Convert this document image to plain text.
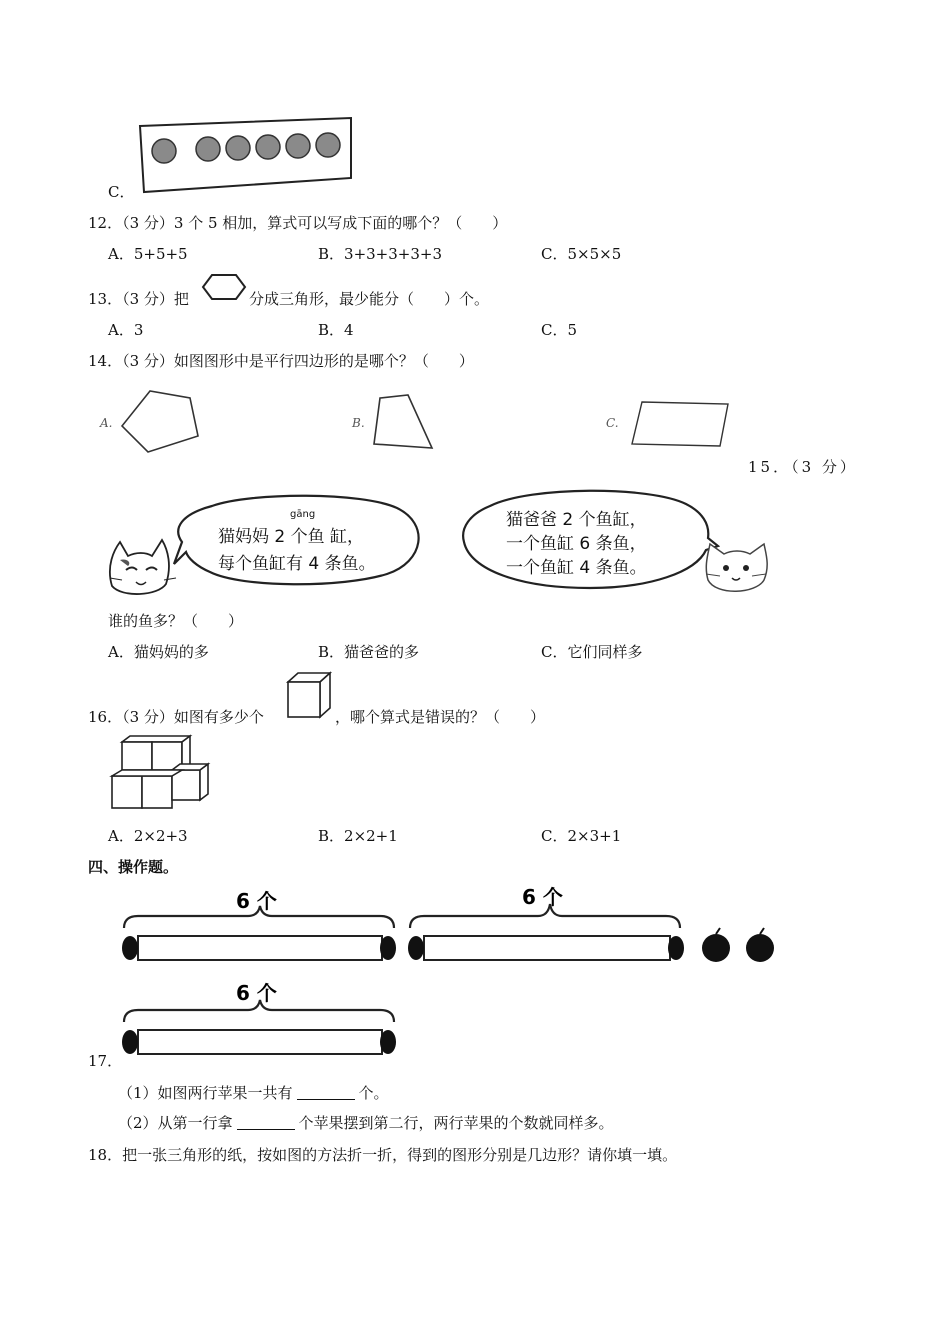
C．
12．（3 分）3 个 5 相加，算式可以写成下面的哪个？（　　）
A．5+5+5	B．3+3+3+3+3	C．5×5×5
13．（3 分）把	分成三角形，最少能分（　　）个。
A．3	B．4	C．5
14．（3 分）如图图形中是平行四边形的是哪个？（　　）
A.	B.	C.
15．（3 分）
gāng
猫妈妈 2 个鱼 缸，
每个鱼缸有 4 条鱼。
猫爸爸 2 个鱼缸，
一个鱼缸 6 条鱼，
一个鱼缸 4 条鱼。
谁的鱼多？（　　）
A．猫妈妈的多	B．猫爸爸的多	C．它们同样多
16．（3 分）如图有多少个	，哪个算式是错误的？（　　）
A．2×2+3	B．2×2+1	C．2×3+1
四、操作题。
6 个	6 个
6 个
17．
（1）如图两行苹果一共有	个。
（2）从第一行拿	个苹果摆到第二行，两行苹果的个数就同样多。
18．把一张三角形的纸，按如图的方法折一折，得到的图形分别是几边形？请你填一填。
